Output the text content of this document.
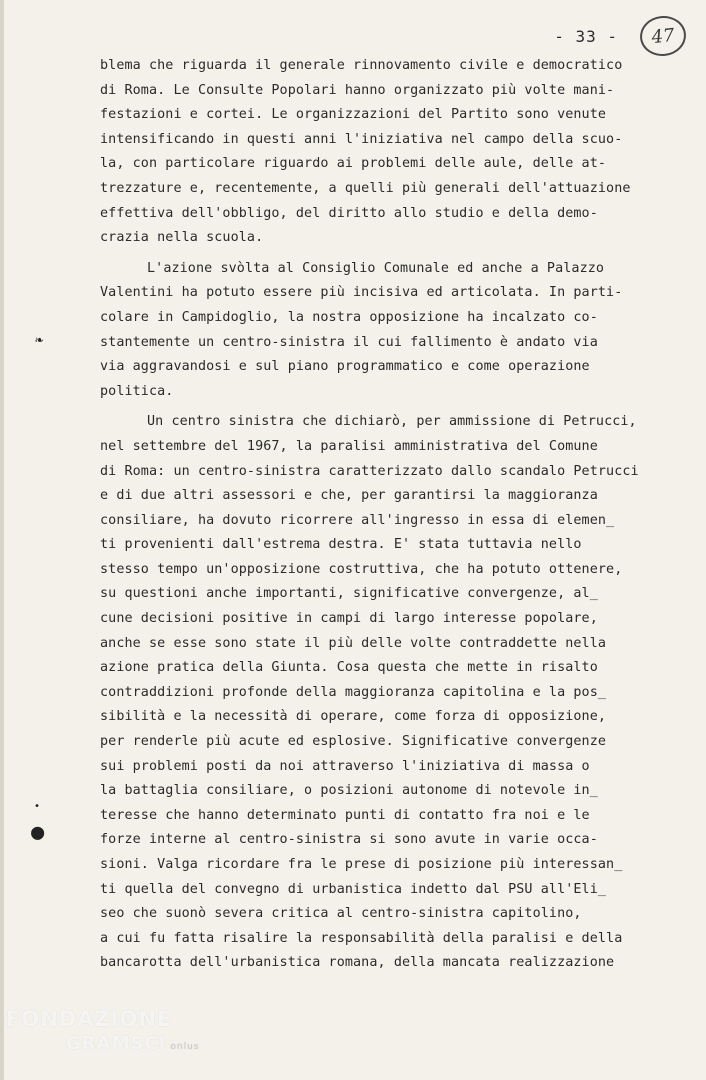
- 33 -	47
❧
•
●
blema che riguarda il generale rinnovamento civile e democratico
di Roma. Le Consulte Popolari hanno organizzato più volte mani-
festazioni e cortei. Le organizzazioni del Partito sono venute
intensificando in questi anni l'iniziativa nel campo della scuo-
la, con particolare riguardo ai problemi delle aule, delle at-
trezzature e, recentemente, a quelli più generali dell'attuazione
effettiva dell'obbligo, del diritto allo studio e della demo-
crazia nella scuola.
L'azione svòlta al Consiglio Comunale ed anche a Palazzo
Valentini ha potuto essere più incisiva ed articolata. In parti-
colare in Campidoglio, la nostra opposizione ha incalzato co-
stantemente un centro-sinistra il cui fallimento è andato via
via aggravandosi e sul piano programmatico e come operazione
politica.
Un centro sinistra che dichiarò, per ammissione di Petrucci,
nel settembre del 1967, la paralisi amministrativa del Comune
di Roma: un centro-sinistra caratterizzato dallo scandalo Petrucci
e di due altri assessori e che, per garantirsi la maggioranza
consiliare, ha dovuto ricorrere all'ingresso in essa di elemen_
ti provenienti dall'estrema destra. E' stata tuttavia nello
stesso tempo un'opposizione costruttiva, che ha potuto ottenere,
su questioni anche importanti, significative convergenze, al_
cune decisioni positive in campi di largo interesse popolare,
anche se esse sono state il più delle volte contraddette nella
azione pratica della Giunta. Cosa questa che mette in risalto
contraddizioni profonde della maggioranza capitolina e la pos_
sibilità e la necessità di operare, come forza di opposizione,
per renderle più acute ed esplosive. Significative convergenze
sui problemi posti da noi attraverso l'iniziativa di massa o
la battaglia consiliare, o posizioni autonome di notevole in_
teresse che hanno determinato punti di contatto fra noi e le
forze interne al centro-sinistra si sono avute in varie occa-
sioni. Valga ricordare fra le prese di posizione più interessan_
ti quella del convegno di urbanistica indetto dal PSU all'Eli_
seo che suonò severa critica al centro-sinistra capitolino,
a cui fu fatta risalire la responsabilità della paralisi e della
bancarotta dell'urbanistica romana, della mancata realizzazione
FONDAZIONE
GRAMSCI onlus
